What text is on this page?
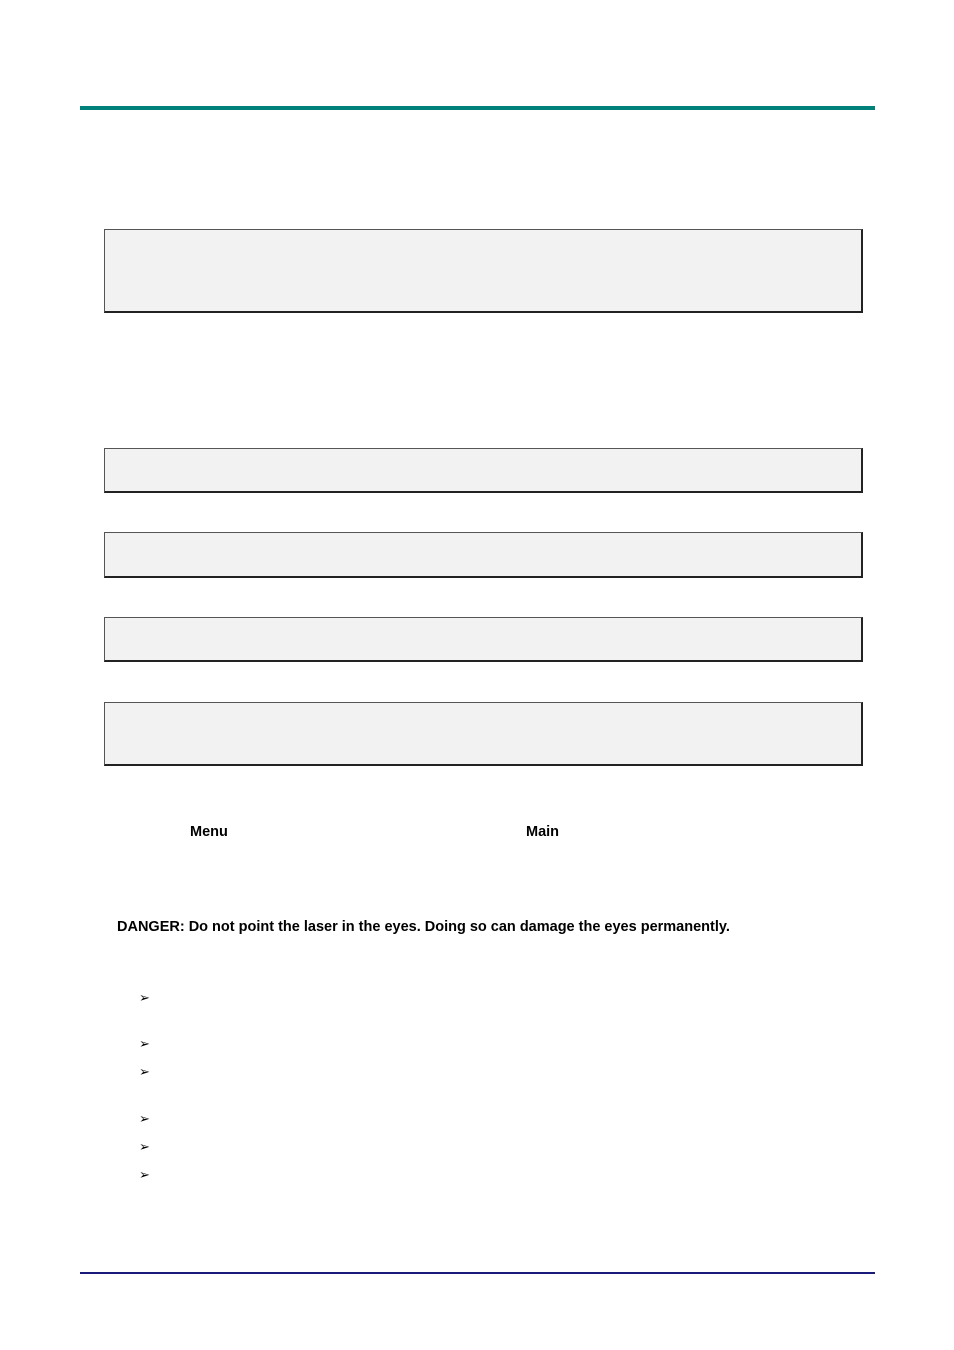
Menu	Main
DANGER: Do not point the laser in the eyes. Doing so can damage the eyes permanently.
➢
➢
➢
➢
➢
➢
